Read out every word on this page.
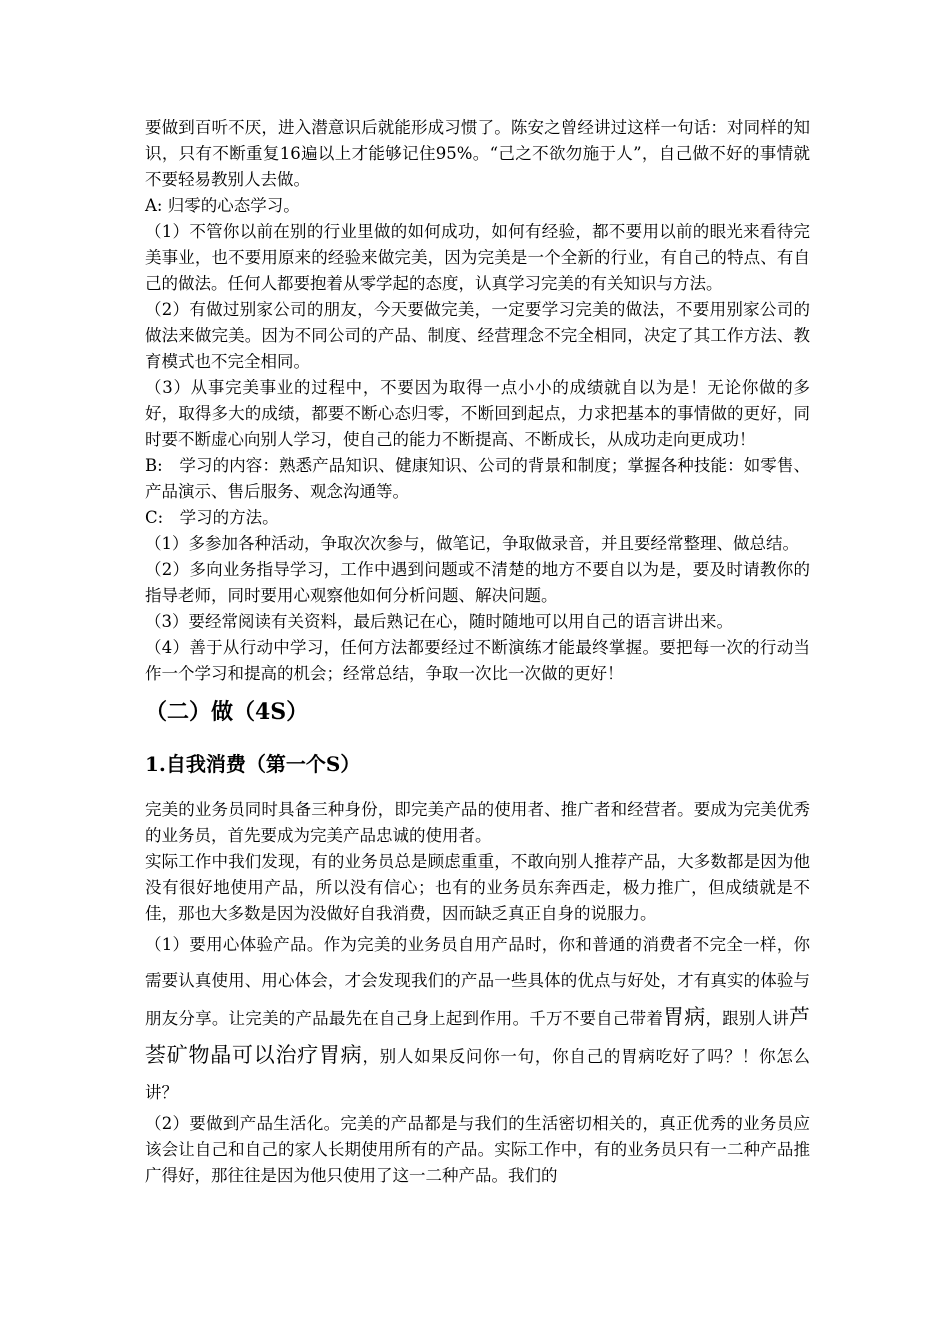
要做到百听不厌，进入潜意识后就能形成习惯了。陈安之曾经讲过这样一句话：对同样的知识，只有不断重复16遍以上才能够记住95%。“己之不欲勿施于人”，自己做不好的事情就不要轻易教别人去做。

A: 归零的心态学习。

（1）不管你以前在别的行业里做的如何成功，如何有经验，都不要用以前的眼光来看待完美事业，也不要用原来的经验来做完美，因为完美是一个全新的行业，有自己的特点、有自己的做法。任何人都要抱着从零学起的态度，认真学习完美的有关知识与方法。

（2）有做过别家公司的朋友，今天要做完美，一定要学习完美的做法，不要用别家公司的做法来做完美。因为不同公司的产品、制度、经营理念不完全相同，决定了其工作方法、教育模式也不完全相同。

（3）从事完美事业的过程中，不要因为取得一点小小的成绩就自以为是！无论你做的多好，取得多大的成绩，都要不断心态归零，不断回到起点，力求把基本的事情做的更好，同时要不断虚心向别人学习，使自己的能力不断提高、不断成长，从成功走向更成功！

B:　学习的内容：熟悉产品知识、健康知识、公司的背景和制度；掌握各种技能：如零售、产品演示、售后服务、观念沟通等。

C:　学习的方法。

（1）多参加各种活动，争取次次参与，做笔记，争取做录音，并且要经常整理、做总结。

（2）多向业务指导学习，工作中遇到问题或不清楚的地方不要自以为是，要及时请教你的指导老师，同时要用心观察他如何分析问题、解决问题。

（3）要经常阅读有关资料，最后熟记在心，随时随地可以用自己的语言讲出来。

（4）善于从行动中学习，任何方法都要经过不断演练才能最终掌握。要把每一次的行动当作一个学习和提高的机会；经常总结，争取一次比一次做的更好！

（二）做（4S）
1.自我消费（第一个S）

完美的业务员同时具备三种身份，即完美产品的使用者、推广者和经营者。要成为完美优秀的业务员，首先要成为完美产品忠诚的使用者。

实际工作中我们发现，有的业务员总是顾虑重重，不敢向别人推荐产品，大多数都是因为他没有很好地使用产品，所以没有信心；也有的业务员东奔西走，极力推广，但成绩就是不佳，那也大多数是因为没做好自我消费，因而缺乏真正自身的说服力。

（1）要用心体验产品。作为完美的业务员自用产品时，你和普通的消费者不完全一样，你需要认真使用、用心体会，才会发现我们的产品一些具体的优点与好处，才有真实的体验与朋友分享。让完美的产品最先在自己身上起到作用。千万不要自己带着胃病，跟别人讲芦荟矿物晶可以治疗胃病，别人如果反问你一句，你自己的胃病吃好了吗？！你怎么讲？

（2）要做到产品生活化。完美的产品都是与我们的生活密切相关的，真正优秀的业务员应该会让自己和自己的家人长期使用所有的产品。实际工作中，有的业务员只有一二种产品推广得好，那往往是因为他只使用了这一二种产品。我们的
